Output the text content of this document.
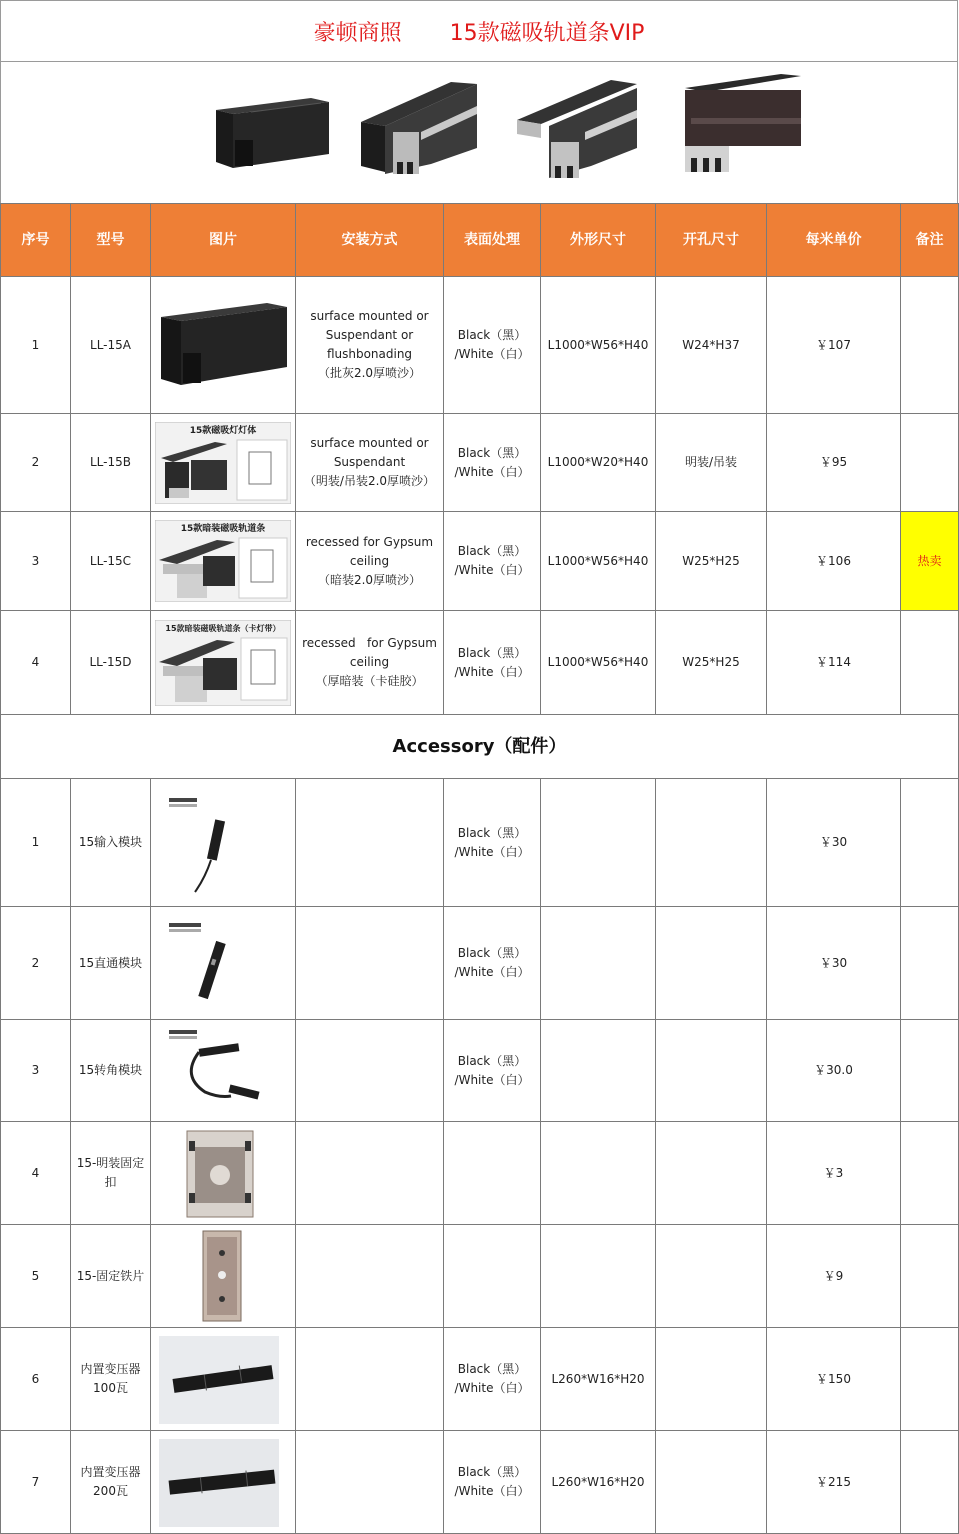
豪顿商照 15款磁吸轨道条VIP
序号	型号	图片	安装方式	表面处理	外形尺寸	开孔尺寸	每米单价	备注
1	LL-15A		surface mounted or
Suspendant or
flushbonading
（批灰2.0厚喷沙）	Black（黑）
/White（白）	L1000*W56*H40	W24*H37	￥107	
2	LL-15B	15款磁吸灯灯体	surface mounted or
Suspendant
（明装/吊装2.0厚喷沙）	Black（黑）
/White（白）	L1000*W20*H40	明装/吊装	￥95	
3	LL-15C	15款暗装磁吸轨道条	recessed for Gypsum
ceiling
（暗装2.0厚喷沙）	Black（黑）
/White（白）	L1000*W56*H40	W25*H25	￥106	热卖
4	LL-15D	15款暗装磁吸轨道条（卡灯带）	recessed   for Gypsum
ceiling
（厚暗装（卡硅胶）	Black（黑）
/White（白）	L1000*W56*H40	W25*H25	￥114	
Accessory（配件）								
1	15输入模块			Black（黑）
/White（白）			￥30	
2	15直通模块			Black（黑）
/White（白）			￥30	
3	15转角模块			Black（黑）
/White（白）			￥30.0	
4	15-明装固定扣						￥3	
5	15-固定铁片						￥9	
6	内置变压器100瓦			Black（黑）
/White（白）	L260*W16*H20		￥150	
7	内置变压器200瓦			Black（黑）
/White（白）	L260*W16*H20		￥215	
